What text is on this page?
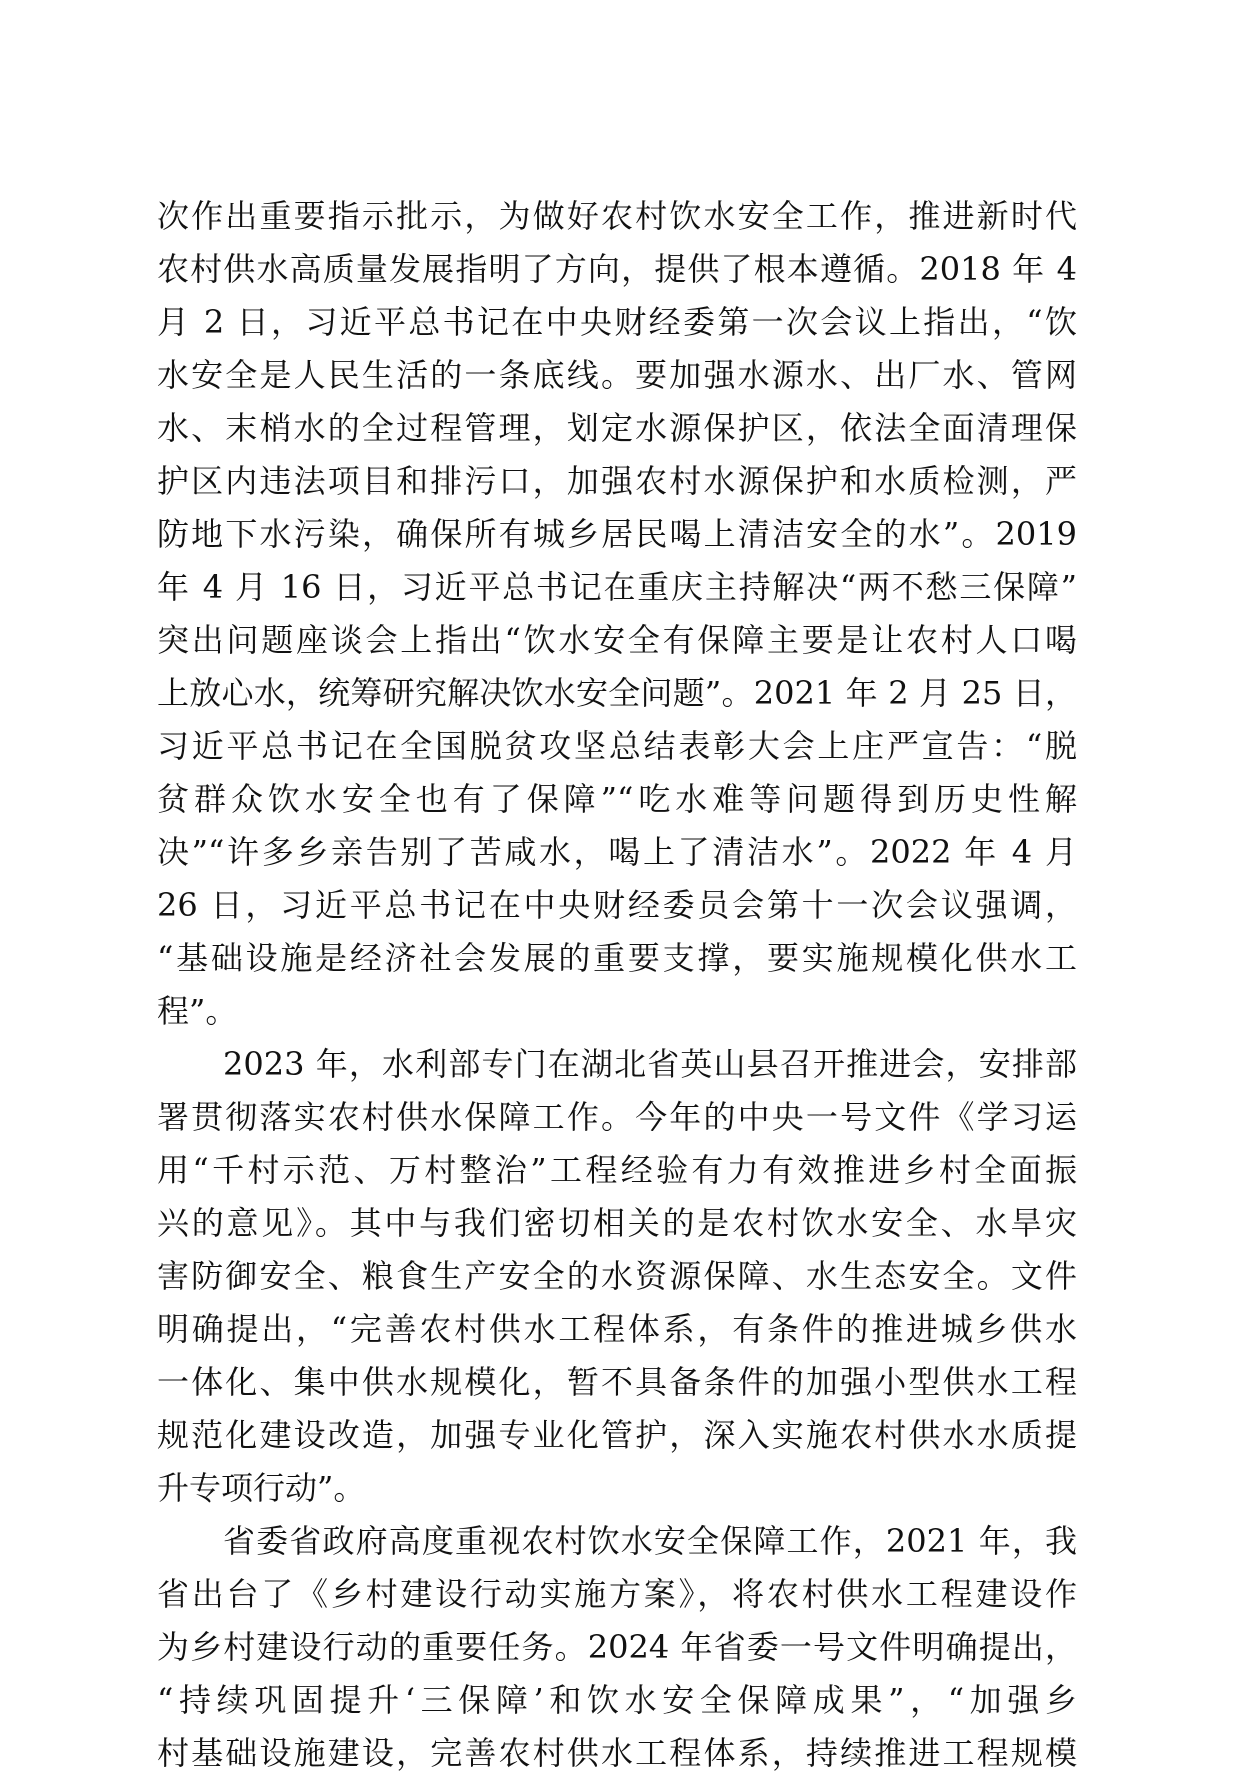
次作出重要指示批示，为做好农村饮水安全工作，推进新时代
农村供水高质量发展指明了方向，提供了根本遵循。2018 年 4
月 2 日，习近平总书记在中央财经委第一次会议上指出，“饮
水安全是人民生活的一条底线。要加强水源水、出厂水、管网
水、末梢水的全过程管理，划定水源保护区，依法全面清理保
护区内违法项目和排污口，加强农村水源保护和水质检测，严
防地下水污染，确保所有城乡居民喝上清洁安全的水”。2019
年 4 月 16 日，习近平总书记在重庆主持解决“两不愁三保障”
突出问题座谈会上指出“饮水安全有保障主要是让农村人口喝
上放心水，统筹研究解决饮水安全问题”。2021 年 2 月 25 日，
习近平总书记在全国脱贫攻坚总结表彰大会上庄严宣告：“脱
贫群众饮水安全也有了保障”“吃水难等问题得到历史性解
决”“许多乡亲告别了苦咸水，喝上了清洁水”。2022 年 4 月
26 日，习近平总书记在中央财经委员会第十一次会议强调，
“基础设施是经济社会发展的重要支撑，要实施规模化供水工
程”。
2023 年，水利部专门在湖北省英山县召开推进会，安排部
署贯彻落实农村供水保障工作。今年的中央一号文件《学习运
用“千村示范、万村整治”工程经验有力有效推进乡村全面振
兴的意见》。其中与我们密切相关的是农村饮水安全、水旱灾
害防御安全、粮食生产安全的水资源保障、水生态安全。文件
明确提出，“完善农村供水工程体系，有条件的推进城乡供水
一体化、集中供水规模化，暂不具备条件的加强小型供水工程
规范化建设改造，加强专业化管护，深入实施农村供水水质提
升专项行动”。
省委省政府高度重视农村饮水安全保障工作，2021 年，我
省出台了《乡村建设行动实施方案》，将农村供水工程建设作
为乡村建设行动的重要任务。2024 年省委一号文件明确提出，
“持续巩固提升‘三保障’和饮水安全保障成果”，“加强乡
村基础设施建设，完善农村供水工程体系，持续推进工程规模
